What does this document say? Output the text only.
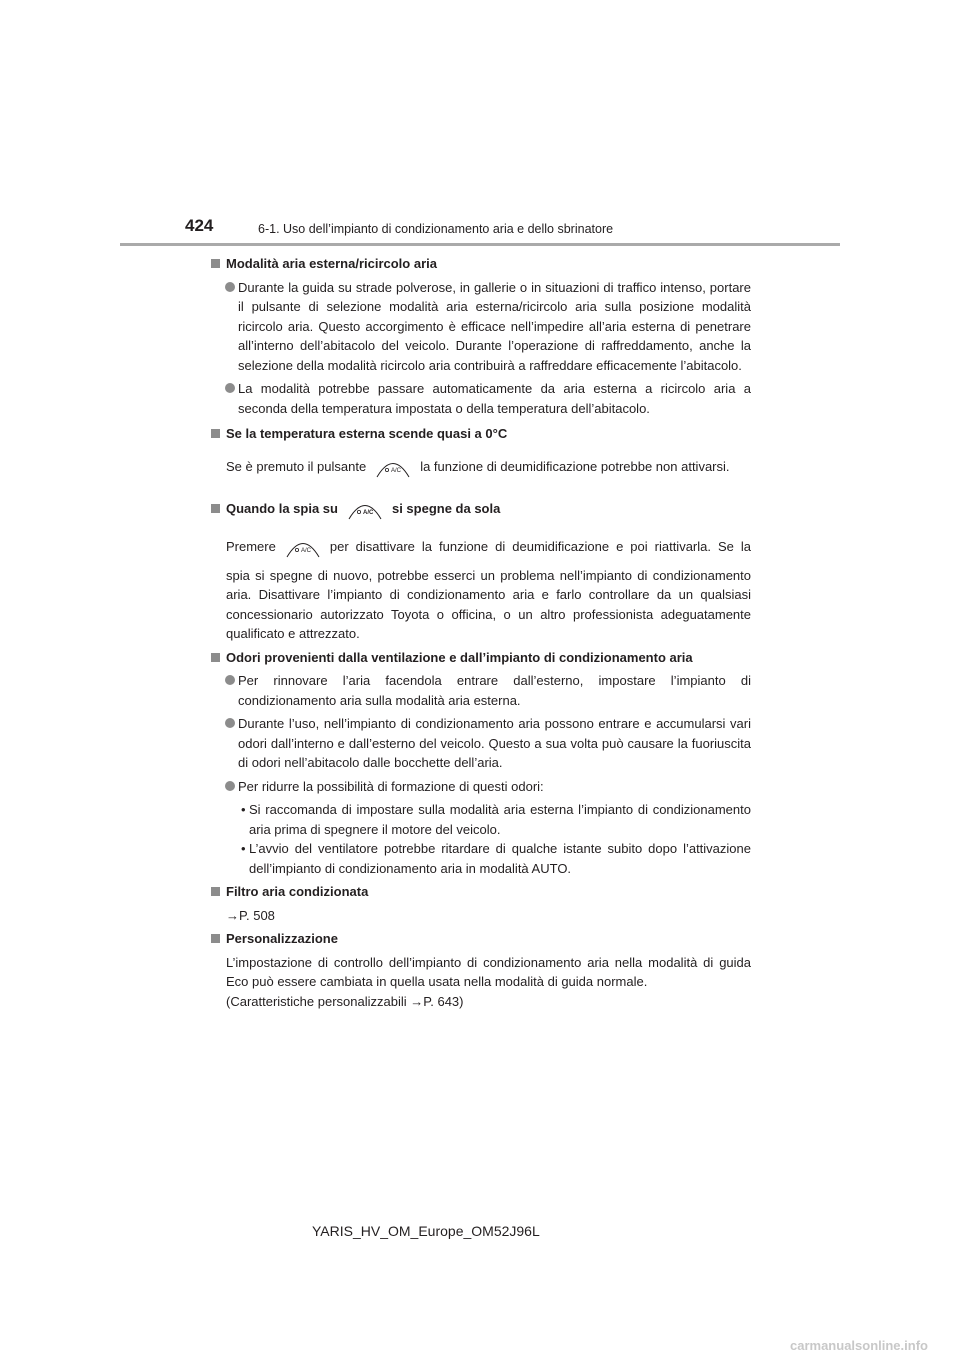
424	6-1. Uso dell’impianto di condizionamento aria e dello sbrinatore
Modalità aria esterna/ricircolo aria
Durante la guida su strade polverose, in gallerie o in situazioni di traffico intenso, portare il pulsante di selezione modalità aria esterna/ricircolo aria sulla posizione modalità ricircolo aria. Questo accorgimento è efficace nell’impedire all’aria esterna di penetrare all’interno dell’abitacolo del veicolo. Durante l’operazione di raffreddamento, anche la selezione della modalità ricircolo aria contribuirà a raffreddare efficacemente l’abitacolo.
La modalità potrebbe passare automaticamente da aria esterna a ricircolo aria a seconda della temperatura impostata o della temperatura dell’abitacolo.
Se la temperatura esterna scende quasi a 0°C
Se è premuto il pulsante	A/C la funzione di deumidificazione potrebbe non attivarsi.
Quando la spia su	A/C si spegne da sola
Premere	A/C per disattivare la funzione di deumidificazione e poi riattivarla. Se la
spia si spegne di nuovo, potrebbe esserci un problema nell’impianto di condizionamento aria. Disattivare l’impianto di condizionamento aria e farlo controllare da un qualsiasi concessionario autorizzato Toyota o officina, o un altro professionista adeguatamente qualificato e attrezzato.
Odori provenienti dalla ventilazione e dall’impianto di condizionamento aria
Per rinnovare l’aria facendola entrare dall’esterno, impostare l’impianto di condizionamento aria sulla modalità aria esterna.
Durante l’uso, nell’impianto di condizionamento aria possono entrare e accumularsi vari odori dall’interno e dall’esterno del veicolo. Questo a sua volta può causare la fuoriuscita di odori nell’abitacolo dalle bocchette dell’aria.
Per ridurre la possibilità di formazione di questi odori:
• Si raccomanda di impostare sulla modalità aria esterna l’impianto di condizionamento aria prima di spegnere il motore del veicolo.
• L’avvio del ventilatore potrebbe ritardare di qualche istante subito dopo l’attivazione dell’impianto di condizionamento aria in modalità AUTO.
Filtro aria condizionata
→P. 508
Personalizzazione
L’impostazione di controllo dell’impianto di condizionamento aria nella modalità di guida Eco può essere cambiata in quella usata nella modalità di guida normale.
(Caratteristiche personalizzabili →P. 643)
YARIS_HV_OM_Europe_OM52J96L
carmanualsonline.info
